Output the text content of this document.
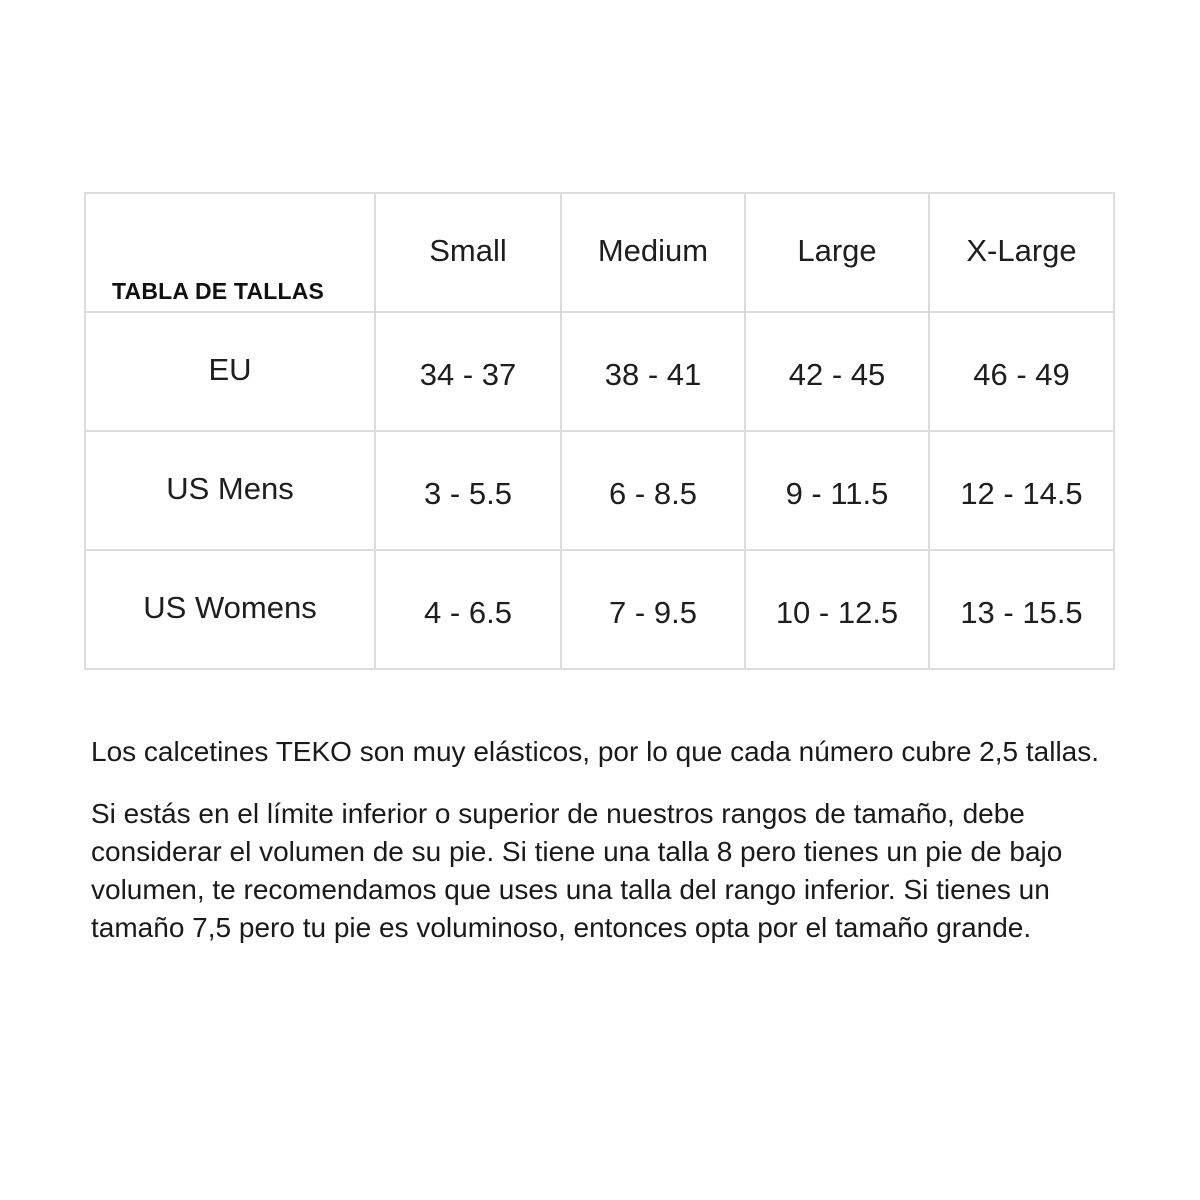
TABLA DE TALLAS	Small	Medium	Large	X-Large
EU	34 - 37	38 - 41	42 - 45	46 - 49
US Mens	3 - 5.5	6 - 8.5	9 - 11.5	12 - 14.5
US Womens	4 - 6.5	7 - 9.5	10 - 12.5	13 - 15.5

Los calcetines TEKO son muy elásticos, por lo que cada número cubre 2,5 tallas.

Si estás en el límite inferior o superior de nuestros rangos de tamaño, debe considerar el volumen de su pie. Si tiene una talla 8 pero tienes un pie de bajo volumen, te recomendamos que uses una talla del rango inferior. Si tienes un tamaño 7,5 pero tu pie es voluminoso, entonces opta por el tamaño grande.
